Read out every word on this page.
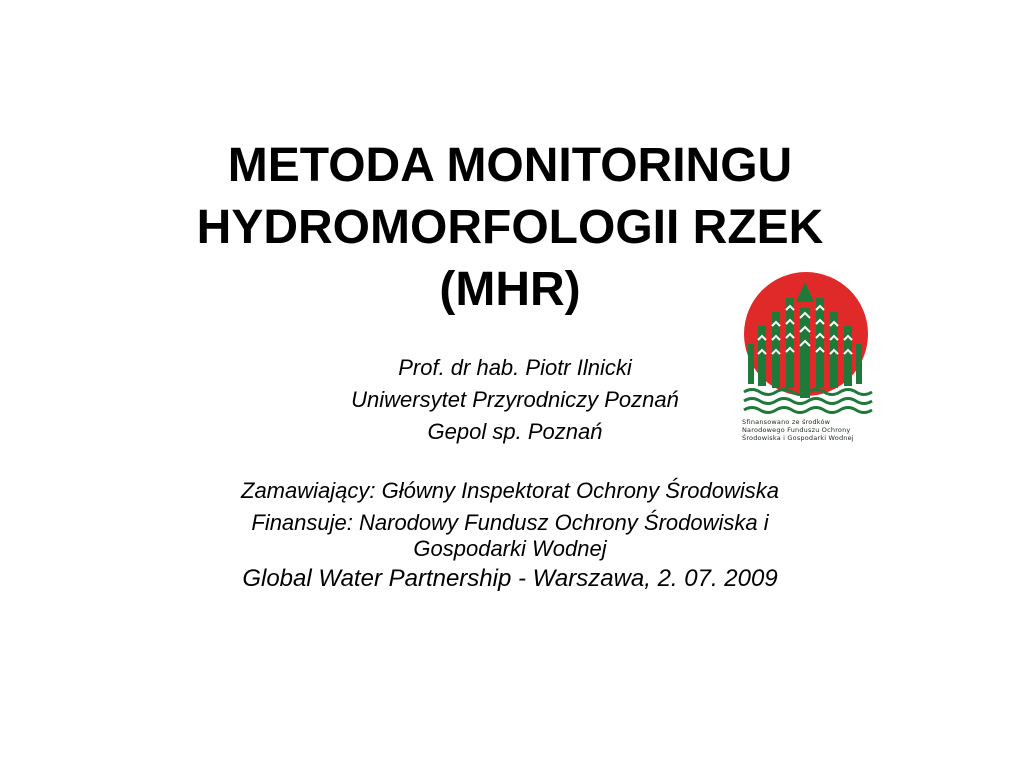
METODA MONITORINGU
HYDROMORFOLOGII RZEK
(MHR)
Prof. dr hab. Piotr Ilnicki
Uniwersytet Przyrodniczy Poznań
Gepol sp. Poznań
Zamawiający: Główny Inspektorat Ochrony Środowiska
Finansuje: Narodowy Fundusz Ochrony Środowiska i
Gospodarki Wodnej
Global Water Partnership - Warszawa, 2. 07. 2009
Sfinansowano ze środków
Narodowego Funduszu Ochrony
Środowiska i Gospodarki Wodnej
